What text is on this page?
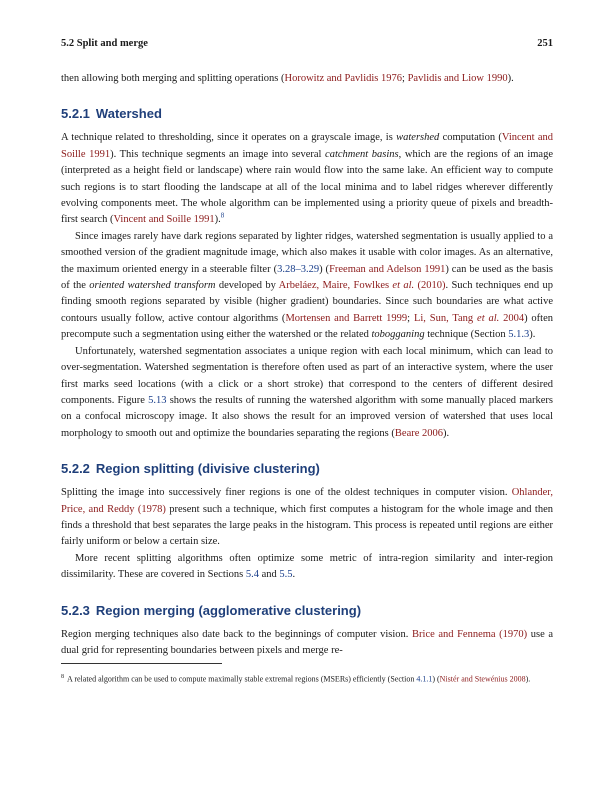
5.2 Split and merge	251

then allowing both merging and splitting operations (Horowitz and Pavlidis 1976; Pavlidis and Liow 1990).

5.2.1 Watershed

A technique related to thresholding, since it operates on a grayscale image, is watershed computation (Vincent and Soille 1991). This technique segments an image into several catchment basins, which are the regions of an image (interpreted as a height field or landscape) where rain would flow into the same lake. An efficient way to compute such regions is to start flooding the landscape at all of the local minima and to label ridges wherever differently evolving components meet. The whole algorithm can be implemented using a priority queue of pixels and breadth-first search (Vincent and Soille 1991).$^8$

Since images rarely have dark regions separated by lighter ridges, watershed segmentation is usually applied to a smoothed version of the gradient magnitude image, which also makes it usable with color images. As an alternative, the maximum oriented energy in a steerable filter (3.28–3.29) (Freeman and Adelson 1991) can be used as the basis of the oriented watershed transform developed by Arbeláez, Maire, Fowlkes et al. (2010). Such techniques end up finding smooth regions separated by visible (higher gradient) boundaries. Since such boundaries are what active contours usually follow, active contour algorithms (Mortensen and Barrett 1999; Li, Sun, Tang et al. 2004) often precompute such a segmentation using either the watershed or the related tobogganing technique (Section 5.1.3).

Unfortunately, watershed segmentation associates a unique region with each local minimum, which can lead to over-segmentation. Watershed segmentation is therefore often used as part of an interactive system, where the user first marks seed locations (with a click or a short stroke) that correspond to the centers of different desired components. Figure 5.13 shows the results of running the watershed algorithm with some manually placed markers on a confocal microscopy image. It also shows the result for an improved version of watershed that uses local morphology to smooth out and optimize the boundaries separating the regions (Beare 2006).

5.2.2 Region splitting (divisive clustering)

Splitting the image into successively finer regions is one of the oldest techniques in computer vision. Ohlander, Price, and Reddy (1978) present such a technique, which first computes a histogram for the whole image and then finds a threshold that best separates the large peaks in the histogram. This process is repeated until regions are either fairly uniform or below a certain size.

More recent splitting algorithms often optimize some metric of intra-region similarity and inter-region dissimilarity. These are covered in Sections 5.4 and 5.5.

5.2.3 Region merging (agglomerative clustering)

Region merging techniques also date back to the beginnings of computer vision. Brice and Fennema (1970) use a dual grid for representing boundaries between pixels and merge re-

$^8$ A related algorithm can be used to compute maximally stable extremal regions (MSERs) efficiently (Section 4.1.1) (Nistér and Stewénius 2008).
